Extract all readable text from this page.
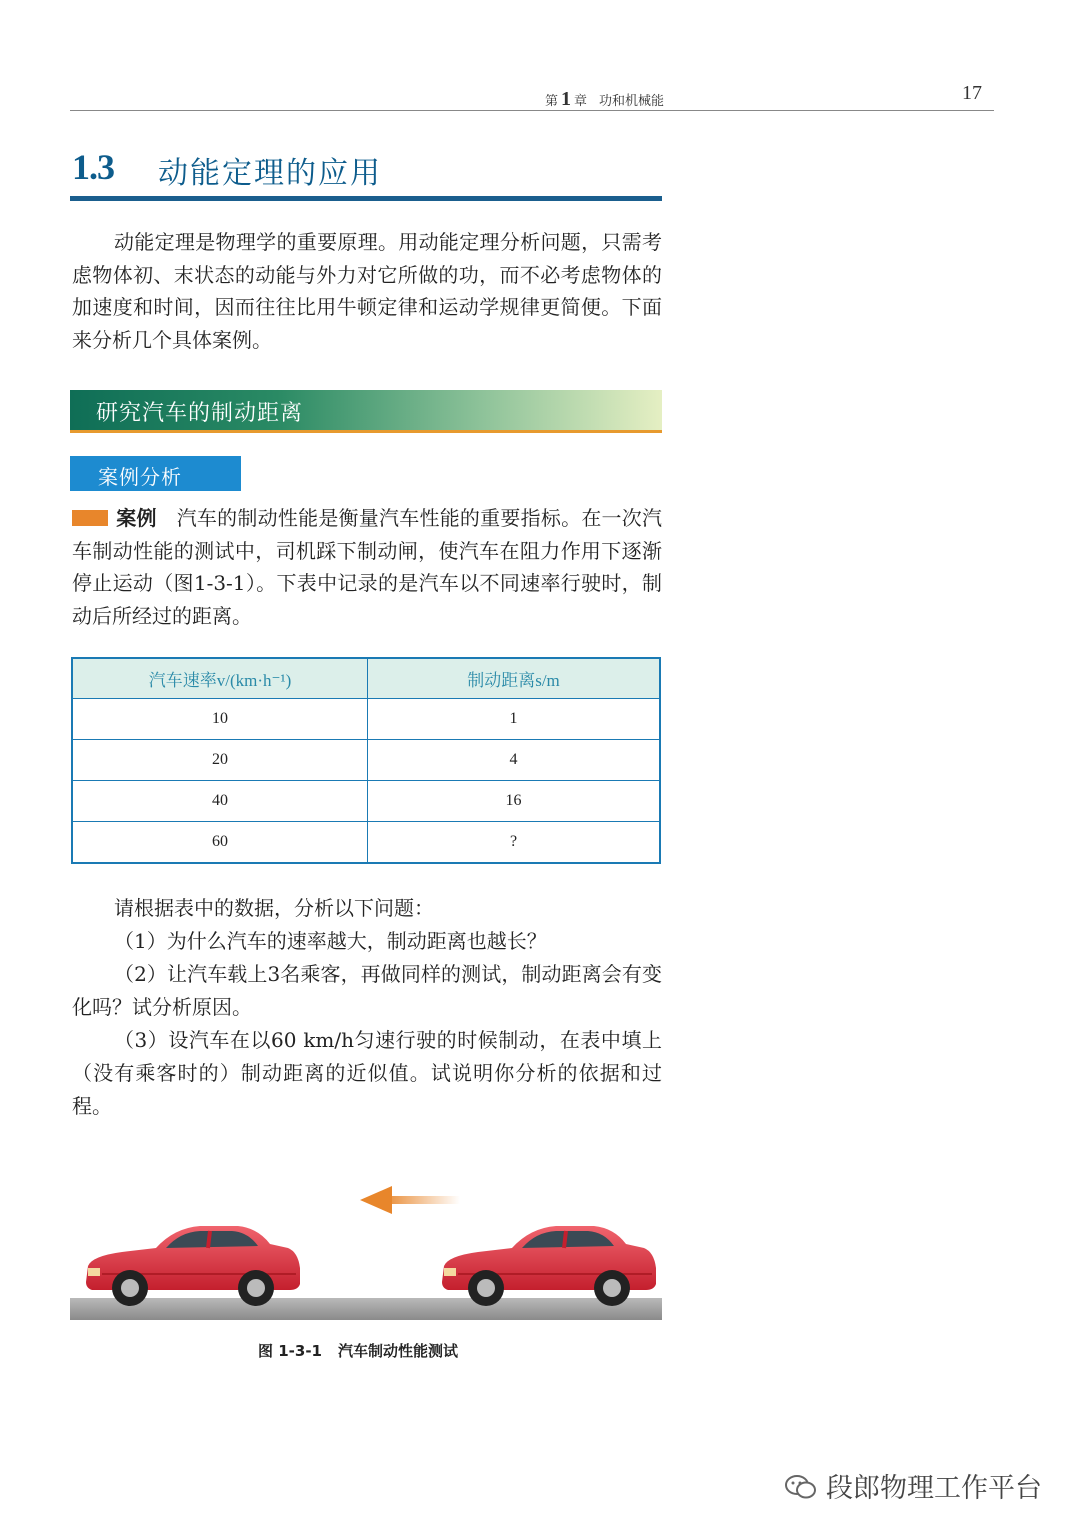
第 1 章 功和机械能	17
1.3 动能定理的应用
动能定理是物理学的重要原理。用动能定理分析问题，只需考虑物体初、末状态的动能与外力对它所做的功，而不必考虑物体的加速度和时间，因而往往比用牛顿定律和运动学规律更简便。下面来分析几个具体案例。
研究汽车的制动距离
案例分析
案例 汽车的制动性能是衡量汽车性能的重要指标。在一次汽车制动性能的测试中，司机踩下制动闸，使汽车在阻力作用下逐渐停止运动（图1-3-1）。下表中记录的是汽车以不同速率行驶时，制动后所经过的距离。
汽车速率v/(km·h⁻¹)	制动距离s/m
10	1
20	4
40	16
60	?
请根据表中的数据，分析以下问题：
（1）为什么汽车的速率越大，制动距离也越长？
（2）让汽车载上3名乘客，再做同样的测试，制动距离会有变化吗？试分析原因。
（3）设汽车在以60 km/h匀速行驶的时候制动，在表中填上（没有乘客时的）制动距离的近似值。试说明你分析的依据和过程。
图 1-3-1 汽车制动性能测试
段郎物理工作平台
